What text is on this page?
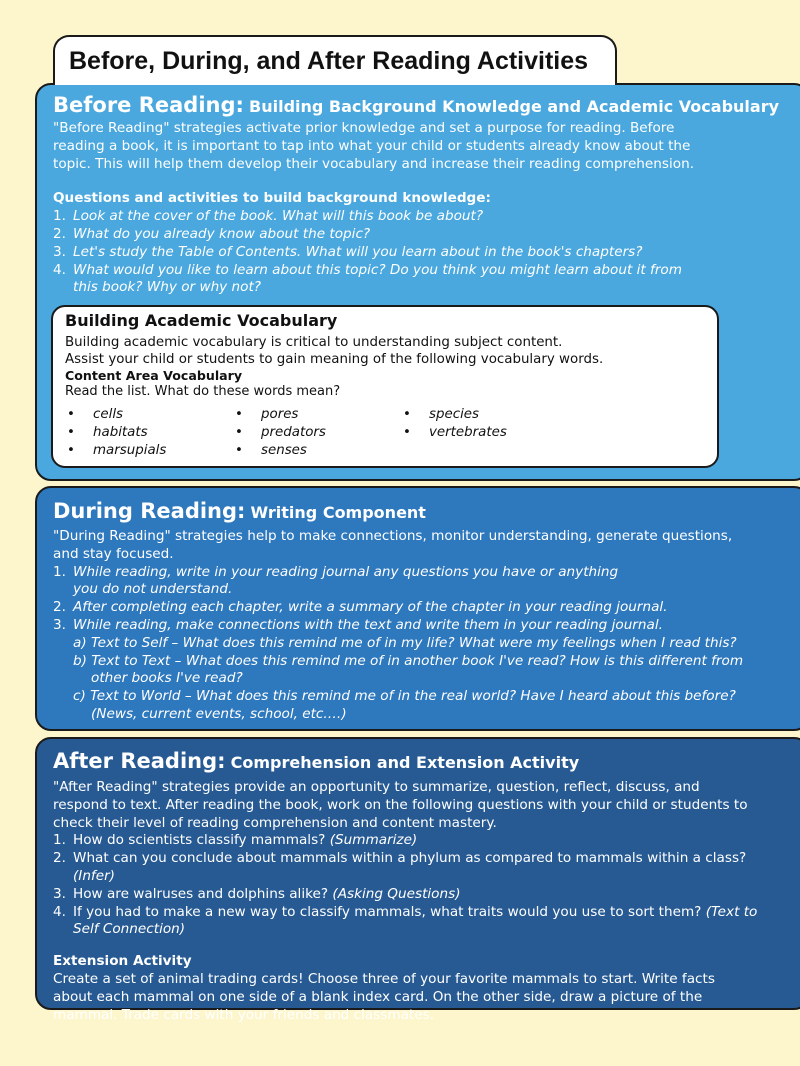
Before, During, and After Reading Activities

Before Reading: Building Background Knowledge and Academic Vocabulary

"Before Reading" strategies activate prior knowledge and set a purpose for reading. Before reading a book, it is important to tap into what your child or students already know about the topic. This will help them develop their vocabulary and increase their reading comprehension.

Questions and activities to build background knowledge:

1. Look at the cover of the book. What will this book be about?
2. What do you already know about the topic?
3. Let's study the Table of Contents. What will you learn about in the book's chapters?
4. What would you like to learn about this topic? Do you think you might learn about it from this book? Why or why not?

Building Academic Vocabulary

Building academic vocabulary is critical to understanding subject content.

Assist your child or students to gain meaning of the following vocabulary words.

Content Area Vocabulary

Read the list. What do these words mean?

• cells
• habitats
• marsupials
• pores
• predators
• senses
• species
• vertebrates

During Reading: Writing Component

"During Reading" strategies help to make connections, monitor understanding, generate questions, and stay focused.

1. While reading, write in your reading journal any questions you have or anything you do not understand.
2. After completing each chapter, write a summary of the chapter in your reading journal.
3. While reading, make connections with the text and write them in your reading journal.
a) Text to Self – What does this remind me of in my life? What were my feelings when I read this?
b) Text to Text – What does this remind me of in another book I've read? How is this different from
other books I've read?
c) Text to World – What does this remind me of in the real world? Have I heard about this before?
(News, current events, school, etc.…)

After Reading: Comprehension and Extension Activity

"After Reading" strategies provide an opportunity to summarize, question, reflect, discuss, and respond to text. After reading the book, work on the following questions with your child or students to check their level of reading comprehension and content mastery.

1. How do scientists classify mammals? (Summarize)
2. What can you conclude about mammals within a phylum as compared to mammals within a class? (Infer)
3. How are walruses and dolphins alike? (Asking Questions)
4. If you had to make a new way to classify mammals, what traits would you use to sort them? (Text to Self Connection)

Extension Activity

Create a set of animal trading cards! Choose three of your favorite mammals to start. Write facts about each mammal on one side of a blank index card. On the other side, draw a picture of the mammal. Trade cards with your friends and classmates.
